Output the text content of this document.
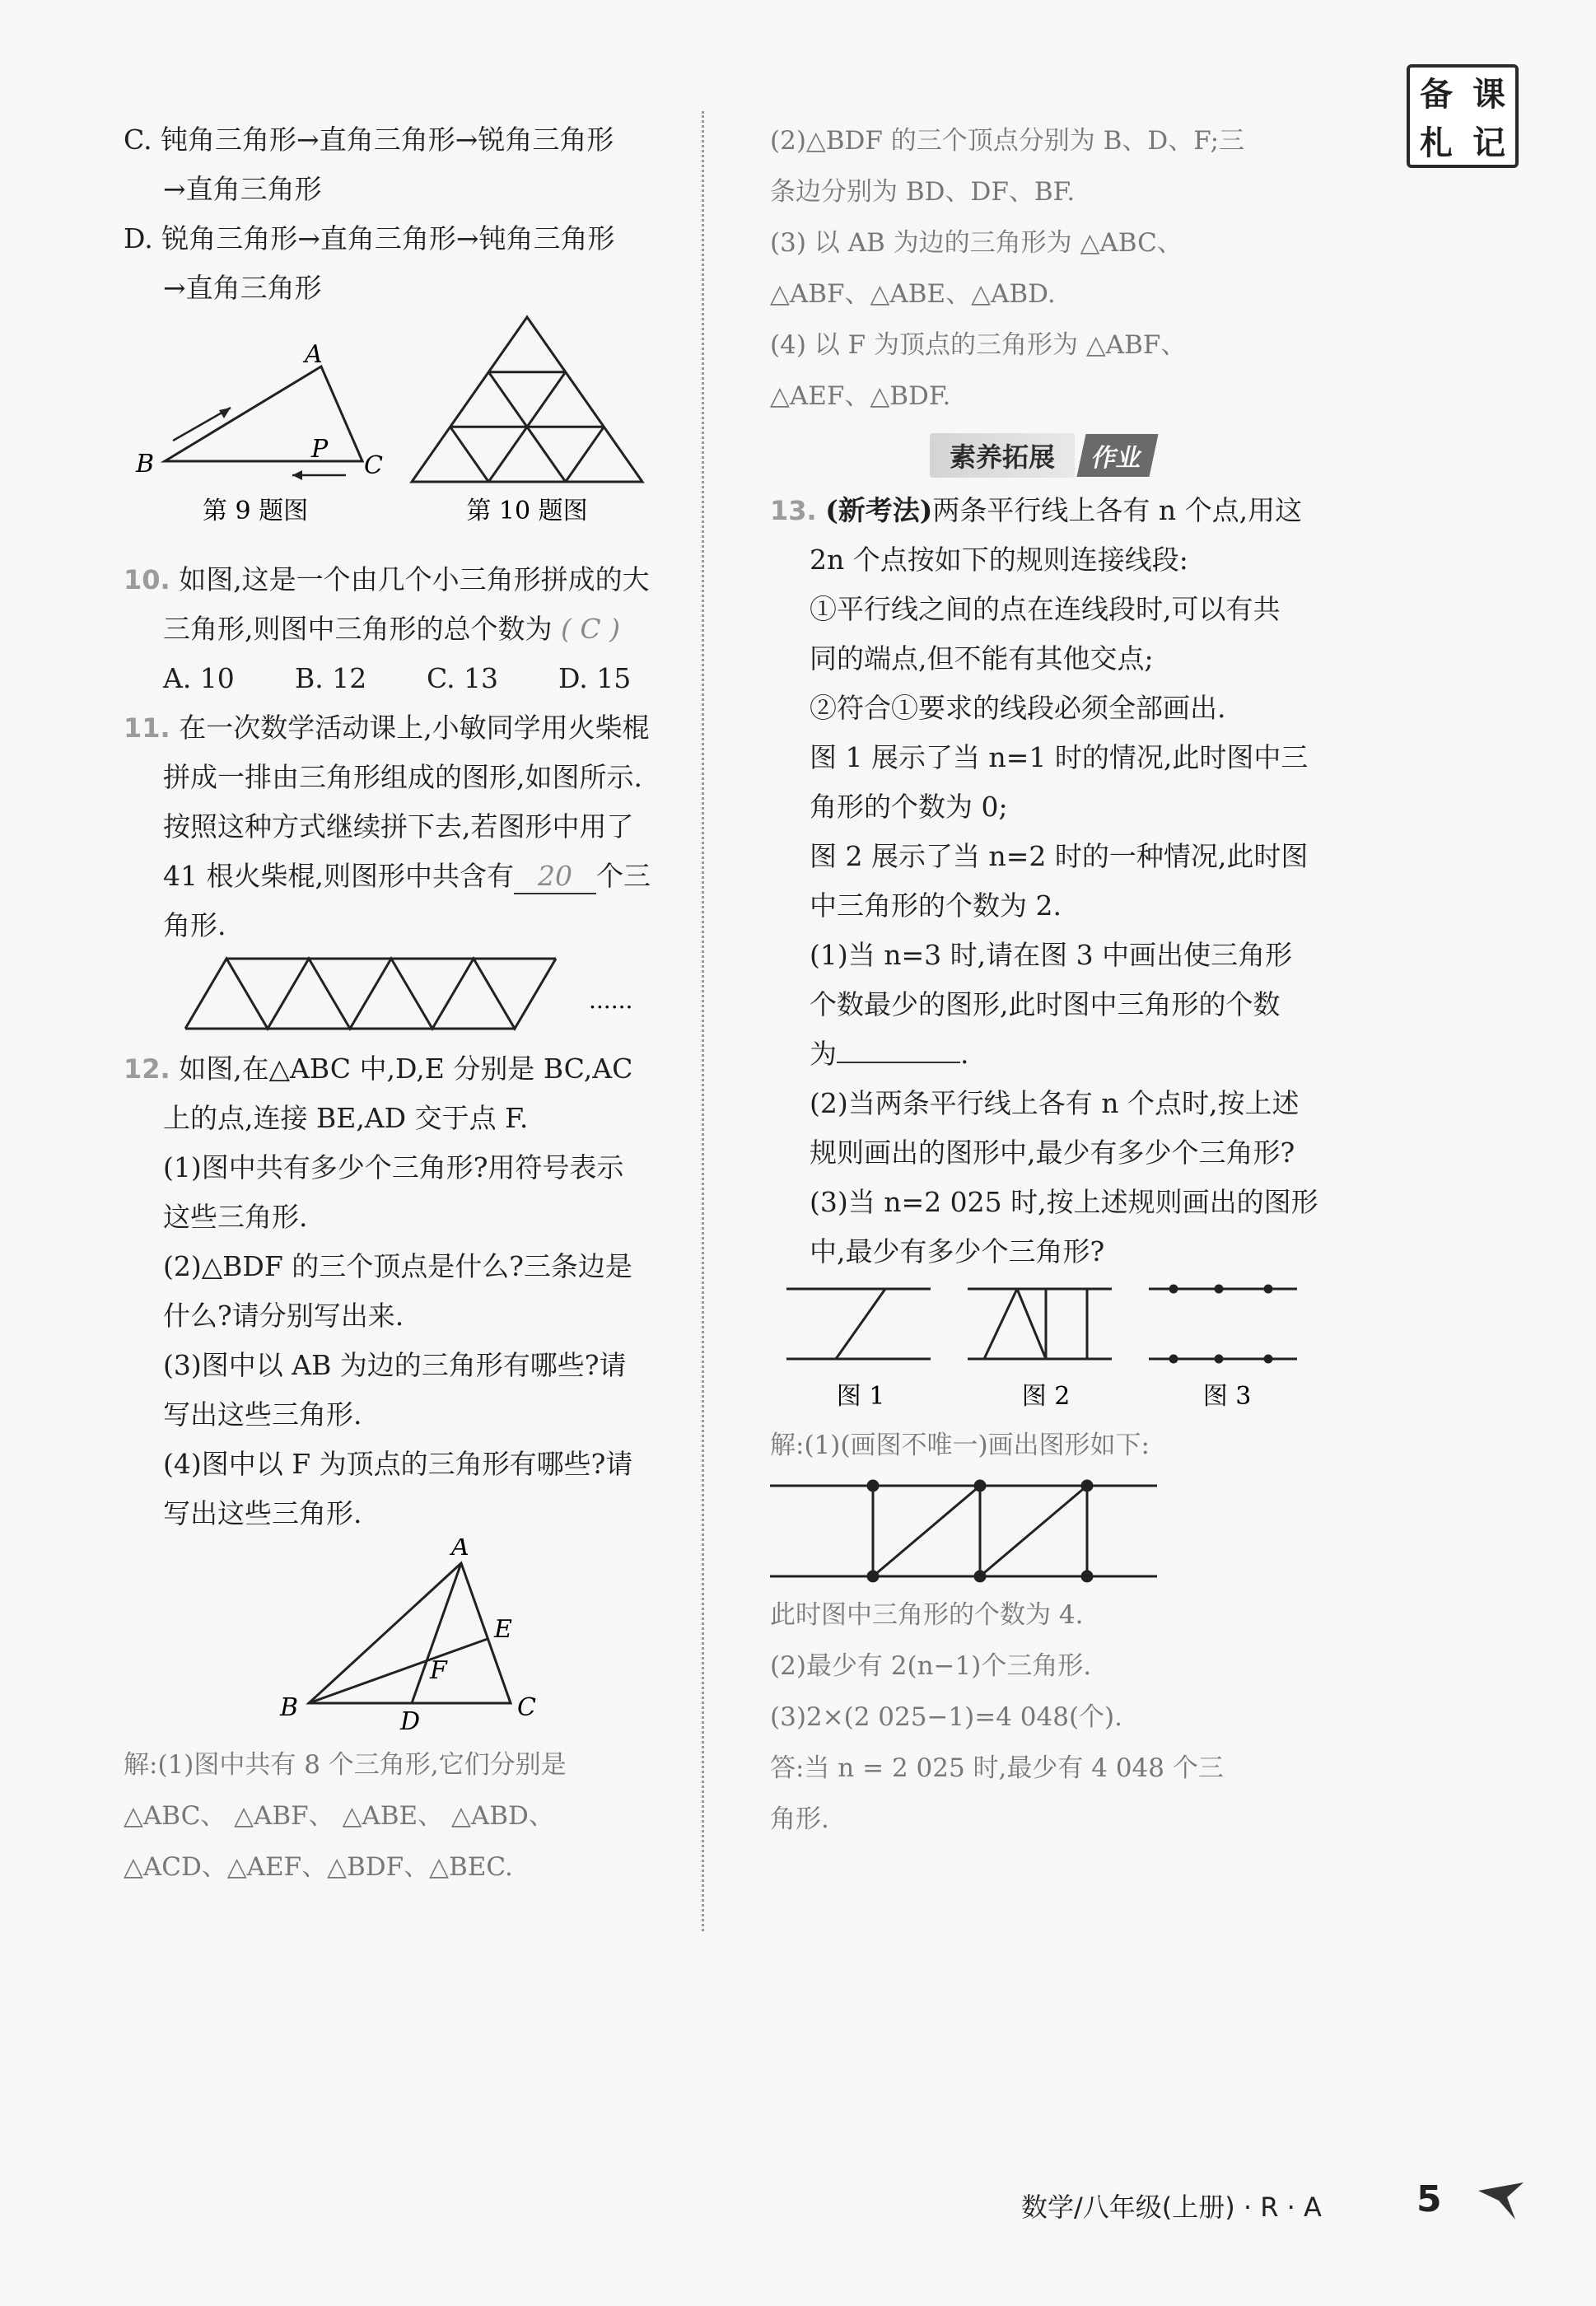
备 课
札 记
C. 钝角三角形→直角三角形→锐角三角形
→直角三角形
D. 锐角三角形→直角三角形→钝角三角形
→直角三角形
A
B	C
P
第 9 题图	第 10 题图
10. 如图,这是一个由几个小三角形拼成的大
三角形,则图中三角形的总个数为 ( C )
A. 10	B. 12	C. 13	D. 15
11. 在一次数学活动课上,小敏同学用火柴棍
拼成一排由三角形组成的图形,如图所示.
按照这种方式继续拼下去,若图形中用了
41 根火柴棍,则图形中共含有 20 个三
角形.
......
12. 如图,在△ABC 中,D,E 分别是 BC,AC
上的点,连接 BE,AD 交于点 F.
(1)图中共有多少个三角形?用符号表示
这些三角形.
(2)△BDF 的三个顶点是什么?三条边是
什么?请分别写出来.
(3)图中以 AB 为边的三角形有哪些?请
写出这些三角形.
(4)图中以 F 为顶点的三角形有哪些?请
写出这些三角形.
A
B	C
D
E
F
解:(1)图中共有 8 个三角形,它们分别是
△ABC、 △ABF、 △ABE、 △ABD、
△ACD、△AEF、△BDF、△BEC.
(2)△BDF 的三个顶点分别为 B、D、F;三
条边分别为 BD、DF、BF.
(3) 以 AB 为边的三角形为 △ABC、
△ABF、△ABE、△ABD.
(4) 以 F 为顶点的三角形为 △ABF、
△AEF、△BDF.
素养拓展 作业
13. (新考法)两条平行线上各有 n 个点,用这
2n 个点按如下的规则连接线段:
①平行线之间的点在连线段时,可以有共
同的端点,但不能有其他交点;
②符合①要求的线段必须全部画出.
图 1 展示了当 n=1 时的情况,此时图中三
角形的个数为 0;
图 2 展示了当 n=2 时的一种情况,此时图
中三角形的个数为 2.
(1)当 n=3 时,请在图 3 中画出使三角形
个数最少的图形,此时图中三角形的个数
为	.
(2)当两条平行线上各有 n 个点时,按上述
规则画出的图形中,最少有多少个三角形?
(3)当 n=2 025 时,按上述规则画出的图形
中,最少有多少个三角形?
图 1	图 2	图 3
解:(1)(画图不唯一)画出图形如下:
此时图中三角形的个数为 4.
(2)最少有 2(n−1)个三角形.
(3)2×(2 025−1)=4 048(个).
答:当 n = 2 025 时,最少有 4 048 个三
角形.
数学/八年级(上册) · R · A	5
